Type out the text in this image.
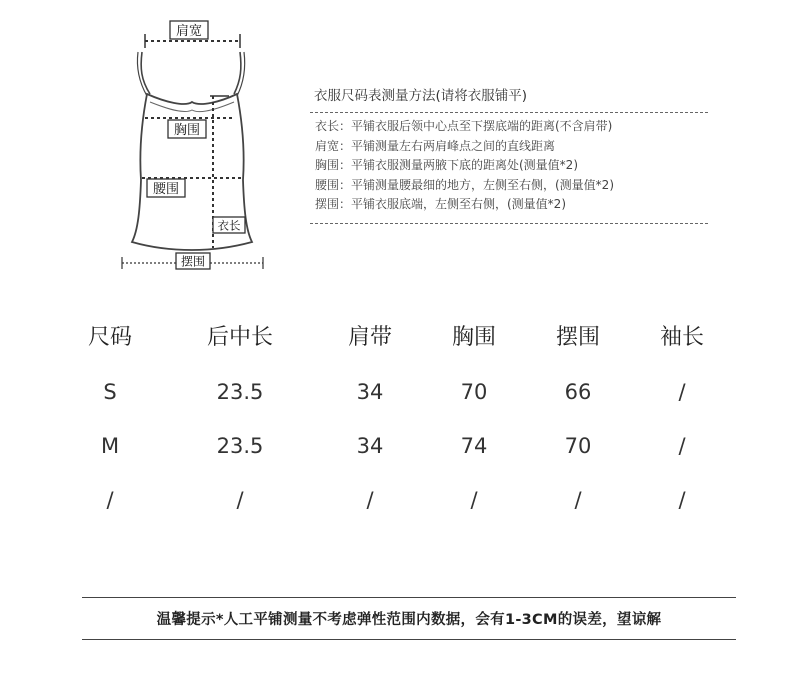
肩宽
胸围
腰围
衣长
摆围
衣服尺码表测量方法(请将衣服铺平)
衣长：平铺衣服后领中心点至下摆底端的距离(不含肩带)
肩宽：平铺测量左右两肩峰点之间的直线距离
胸围：平铺衣服测量两腋下底的距离处(测量值*2)
腰围：平铺测量腰最细的地方，左侧至右侧，(测量值*2)
摆围：平铺衣服底端，左侧至右侧，(测量值*2)
尺码	后中长	肩带	胸围	摆围	袖长

S	23.5	34	70	66	/
M	23.5	34	74	70	/
/	/	/	/	/	/
温馨提示*人工平铺测量不考虑弹性范围内数据，会有1-3CM的误差，望谅解
